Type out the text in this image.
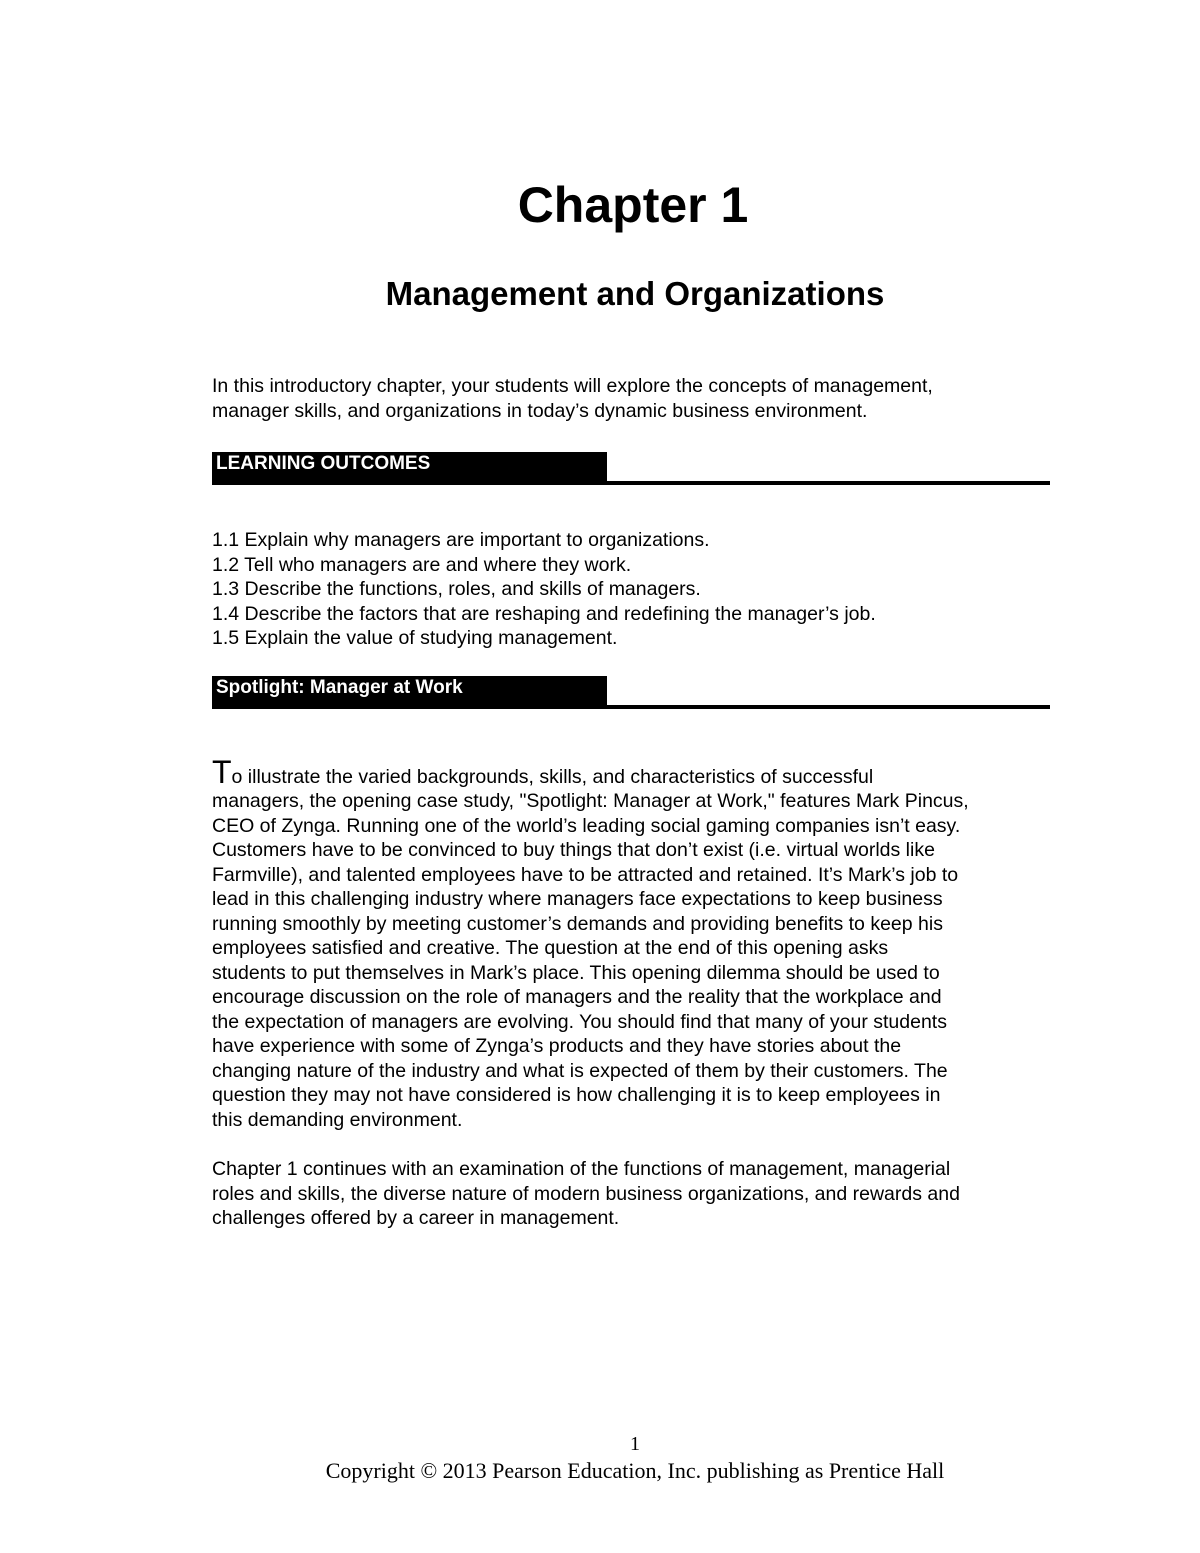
Chapter 1
Management and Organizations

In this introductory chapter, your students will explore the concepts of management,
manager skills, and organizations in today’s dynamic business environment.

LEARNING OUTCOMES
1.1 Explain why managers are important to organizations.
1.2 Tell who managers are and where they work.
1.3 Describe the functions, roles, and skills of managers.
1.4 Describe the factors that are reshaping and redefining the manager’s job.
1.5 Explain the value of studying management.
Spotlight: Manager at Work

To illustrate the varied backgrounds, skills, and characteristics of successful
managers, the opening case study, "Spotlight: Manager at Work," features Mark Pincus,
CEO of Zynga. Running one of the world’s leading social gaming companies isn’t easy.
Customers have to be convinced to buy things that don’t exist (i.e. virtual worlds like
Farmville), and talented employees have to be attracted and retained. It’s Mark’s job to
lead in this challenging industry where managers face expectations to keep business
running smoothly by meeting customer’s demands and providing benefits to keep his
employees satisfied and creative. The question at the end of this opening asks
students to put themselves in Mark’s place. This opening dilemma should be used to
encourage discussion on the role of managers and the reality that the workplace and
the expectation of managers are evolving. You should find that many of your students
have experience with some of Zynga’s products and they have stories about the
changing nature of the industry and what is expected of them by their customers. The
question they may not have considered is how challenging it is to keep employees in
this demanding environment.

Chapter 1 continues with an examination of the functions of management, managerial
roles and skills, the diverse nature of modern business organizations, and rewards and
challenges offered by a career in management.

1

Copyright © 2013 Pearson Education, Inc. publishing as Prentice Hall
